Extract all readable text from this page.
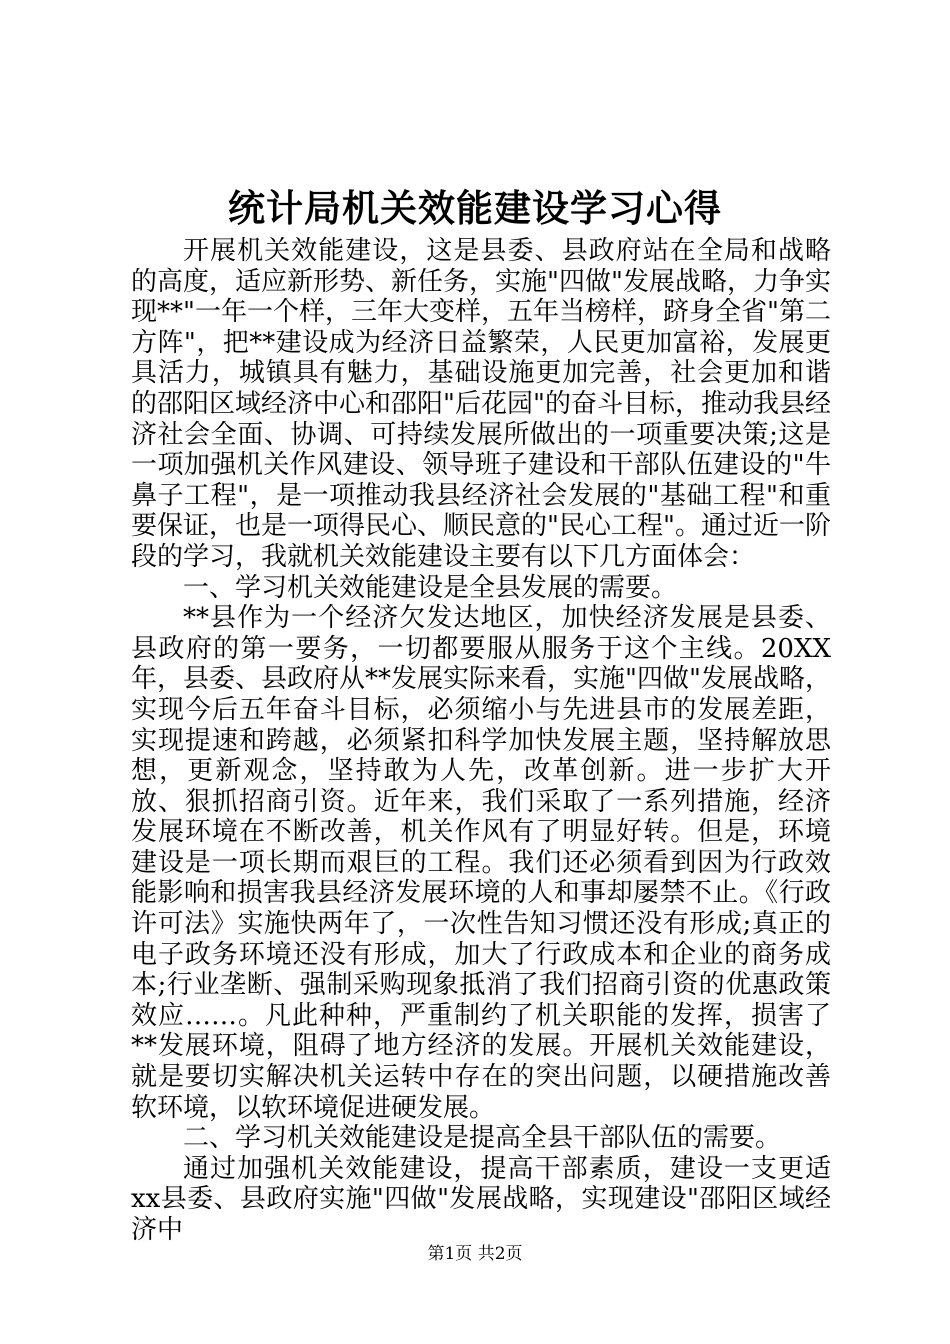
统计局机关效能建设学习心得

开展机关效能建设，这是县委、县政府站在全局和战略的高度，适应新形势、新任务，实施"四做"发展战略，力争实现**"一年一个样，三年大变样，五年当榜样，跻身全省"第二方阵"，把**建设成为经济日益繁荣，人民更加富裕，发展更具活力，城镇具有魅力，基础设施更加完善，社会更加和谐的邵阳区域经济中心和邵阳"后花园"的奋斗目标，推动我县经济社会全面、协调、可持续发展所做出的一项重要决策;这是一项加强机关作风建设、领导班子建设和干部队伍建设的"牛鼻子工程"，是一项推动我县经济社会发展的"基础工程"和重要保证，也是一项得民心、顺民意的"民心工程"。通过近一阶段的学习，我就机关效能建设主要有以下几方面体会：

一、学习机关效能建设是全县发展的需要。

**县作为一个经济欠发达地区，加快经济发展是县委、县政府的第一要务，一切都要服从服务于这个主线。20XX年，县委、县政府从**发展实际来看，实施"四做"发展战略，实现今后五年奋斗目标，必须缩小与先进县市的发展差距，实现提速和跨越，必须紧扣科学加快发展主题，坚持解放思想，更新观念，坚持敢为人先，改革创新。进一步扩大开放、狠抓招商引资。近年来，我们采取了一系列措施，经济发展环境在不断改善，机关作风有了明显好转。但是，环境建设是一项长期而艰巨的工程。我们还必须看到因为行政效能影响和损害我县经济发展环境的人和事却屡禁不止。《行政许可法》实施快两年了，一次性告知习惯还没有形成;真正的电子政务环境还没有形成，加大了行政成本和企业的商务成本;行业垄断、强制采购现象抵消了我们招商引资的优惠政策效应……。凡此种种，严重制约了机关职能的发挥，损害了**发展环境，阻碍了地方经济的发展。开展机关效能建设，就是要切实解决机关运转中存在的突出问题，以硬措施改善软环境，以软环境促进硬发展。

二、学习机关效能建设是提高全县干部队伍的需要。

通过加强机关效能建设，提高干部素质，建设一支更适xx县委、县政府实施"四做"发展战略，实现建设"邵阳区域经济中

第1页 共2页
